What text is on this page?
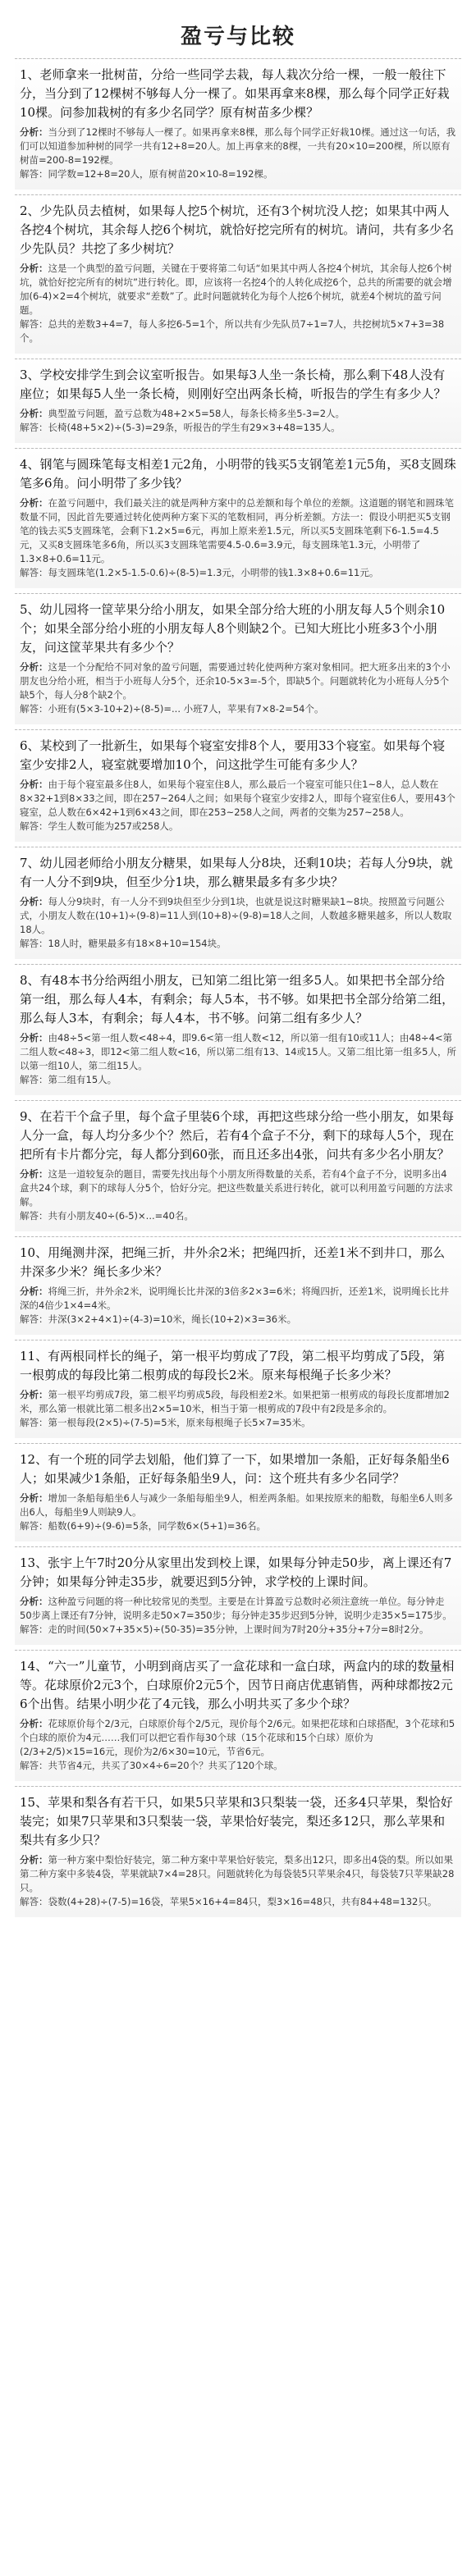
盈亏与比较
1、老师拿来一批树苗，分给一些同学去栽，每人栽次分给一棵，一般一般往下分，当分到了12棵树不够每人分一棵了。如果再拿来8棵，那么每个同学正好栽10棵。问参加栽树的有多少名同学？原有树苗多少棵？
分析：当分到了12棵时不够每人一棵了。如果再拿来8棵，那么每个同学正好栽10棵。通过这一句话，我们可以知道参加种树的同学一共有12+8=20人。加上再拿来的8棵，一共有20×10=200棵，所以原有树苗=200-8=192棵。
解答：同学数=12+8=20人，原有树苗20×10-8=192棵。
2、少先队员去植树，如果每人挖5个树坑，还有3个树坑没人挖；如果其中两人各挖4个树坑，其余每人挖6个树坑，就恰好挖完所有的树坑。请问，共有多少名少先队员？共挖了多少树坑？
分析：这是一个典型的盈亏问题，关键在于要将第二句话“如果其中两人各挖4个树坑，其余每人挖6个树坑，就恰好挖完所有的树坑”进行转化。即，应该将一名挖4个的人转化成挖6个，总共的所需要的就会增加(6-4)×2=4个树坑，就要求“差数”了。此时问题就转化为每个人挖6个树坑，就差4个树坑的盈亏问题。
解答：总共的差数3+4=7，每人多挖6-5=1个，所以共有少先队员7÷1=7人，共挖树坑5×7+3=38个。
3、学校安排学生到会议室听报告。如果每3人坐一条长椅，那么剩下48人没有座位；如果每5人坐一条长椅，则刚好空出两条长椅，听报告的学生有多少人？
分析：典型盈亏问题，盈亏总数为48+2×5=58人，每条长椅多坐5-3=2人。
解答：长椅(48+5×2)÷(5-3)=29条，听报告的学生有29×3+48=135人。
4、钢笔与圆珠笔每支相差1元2角，小明带的钱买5支钢笔差1元5角，买8支圆珠笔多6角。问小明带了多少钱？
分析：在盈亏问题中，我们最关注的就是两种方案中的总差额和每个单位的差额。这道题的钢笔和圆珠笔数量不同，因此首先要通过转化使两种方案下买的笔数相同，再分析差额。方法一：假设小明把买5支钢笔的钱去买5支圆珠笔，会剩下1.2×5=6元，再加上原来差1.5元，所以买5支圆珠笔剩下6-1.5=4.5元，又买8支圆珠笔多6角，所以买3支圆珠笔需要4.5-0.6=3.9元，每支圆珠笔1.3元，小明带了1.3×8+0.6=11元。
解答：每支圆珠笔(1.2×5-1.5-0.6)÷(8-5)=1.3元，小明带的钱1.3×8+0.6=11元。
5、幼儿园将一筐苹果分给小朋友，如果全部分给大班的小朋友每人5个则余10个；如果全部分给小班的小朋友每人8个则缺2个。已知大班比小班多3个小朋友，问这筐苹果共有多少个？
分析：这是一个分配给不同对象的盈亏问题，需要通过转化使两种方案对象相同。把大班多出来的3个小朋友也分给小班，相当于小班每人分5个，还余10-5×3=-5个，即缺5个。问题就转化为小班每人分5个缺5个，每人分8个缺2个。
解答：小班有(5×3-10+2)÷(8-5)=... 小班7人，苹果有7×8-2=54个。
6、某校到了一批新生，如果每个寝室安排8个人，要用33个寝室。如果每个寝室少安排2人，寝室就要增加10个，问这批学生可能有多少人？
分析：由于每个寝室最多住8人，如果每个寝室住8人，那么最后一个寝室可能只住1~8人，总人数在8×32+1到8×33之间，即在257~264人之间；如果每个寝室少安排2人，即每个寝室住6人，要用43个寝室，总人数在6×42+1到6×43之间，即在253~258人之间，两者的交集为257~258人。
解答：学生人数可能为257或258人。
7、幼儿园老师给小朋友分糖果，如果每人分8块，还剩10块；若每人分9块，就有一人分不到9块，但至少分1块，那么糖果最多有多少块？
分析：每人分9块时，有一人分不到9块但至少分到1块，也就是说这时糖果缺1~8块。按照盈亏问题公式，小朋友人数在(10+1)÷(9-8)=11人到(10+8)÷(9-8)=18人之间，人数越多糖果越多，所以人数取18人。
解答：18人时，糖果最多有18×8+10=154块。
8、有48本书分给两组小朋友，已知第二组比第一组多5人。如果把书全部分给第一组，那么每人4本，有剩余；每人5本，书不够。如果把书全部分给第二组，那么每人3本，有剩余；每人4本，书不够。问第二组有多少人？
分析：由48÷5<第一组人数<48÷4，即9.6<第一组人数<12，所以第一组有10或11人；由48÷4<第二组人数<48÷3，即12<第二组人数<16，所以第二组有13、14或15人。又第二组比第一组多5人，所以第一组10人，第二组15人。
解答：第二组有15人。
9、在若干个盒子里，每个盒子里装6个球，再把这些球分给一些小朋友，如果每人分一盒，每人均分多少个？然后，若有4个盒子不分，剩下的球每人5个，现在把所有卡片都分完，每人都分到60张，而且还多出4张，问共有多少名小朋友？
分析：这是一道较复杂的题目，需要先找出每个小朋友所得数量的关系，若有4个盒子不分，说明多出4盒共24个球，剩下的球每人分5个，恰好分完。把这些数量关系进行转化，就可以利用盈亏问题的方法求解。
解答：共有小朋友40÷(6-5)×...=40名。
10、用绳测井深，把绳三折，井外余2米；把绳四折，还差1米不到井口，那么井深多少米？绳长多少米？
分析：将绳三折，井外余2米，说明绳长比井深的3倍多2×3=6米；将绳四折，还差1米，说明绳长比井深的4倍少1×4=4米。
解答：井深(3×2+4×1)÷(4-3)=10米，绳长(10+2)×3=36米。
11、有两根同样长的绳子，第一根平均剪成了7段，第二根平均剪成了5段，第一根剪成的每段比第二根剪成的每段长2米。原来每根绳子长多少米？
分析：第一根平均剪成7段，第二根平均剪成5段，每段相差2米。如果把第一根剪成的每段长度都增加2米，那么第一根就比第二根多出2×5=10米，相当于第一根剪成的7段中有2段是多余的。
解答：第一根每段(2×5)÷(7-5)=5米，原来每根绳子长5×7=35米。
12、有一个班的同学去划船，他们算了一下，如果增加一条船，正好每条船坐6人；如果减少1条船，正好每条船坐9人，问：这个班共有多少名同学？
分析：增加一条船每船坐6人与减少一条船每船坐9人，相差两条船。如果按原来的船数，每船坐6人则多出6人，每船坐9人则缺9人。
解答：船数(6+9)÷(9-6)=5条，同学数6×(5+1)=36名。
13、张宇上午7时20分从家里出发到校上课，如果每分钟走50步，离上课还有7分钟；如果每分钟走35步，就要迟到5分钟，求学校的上课时间。
分析：这种盈亏问题的将一种比较常见的类型。主要是在计算盈亏总数时必须注意统一单位。每分钟走50步离上课还有7分钟，说明多走50×7=350步；每分钟走35步迟到5分钟，说明少走35×5=175步。
解答：走的时间(50×7+35×5)÷(50-35)=35分钟，上课时间为7时20分+35分+7分=8时2分。
14、“六一”儿童节，小明到商店买了一盒花球和一盒白球，两盒内的球的数量相等。花球原价2元3个，白球原价2元5个，因节日商店优惠销售，两种球都按2元6个出售。结果小明少花了4元钱，那么小明共买了多少个球？
分析：花球原价每个2/3元，白球原价每个2/5元，现价每个2/6元。如果把花球和白球搭配，3个花球和5个白球的原价为4元……我们可以把它看作每30个球（15个花球和15个白球）原价为(2/3+2/5)×15=16元，现价为2/6×30=10元，节省6元。
解答：共节省4元，共买了30×4÷6=20个？共买了120个球。
15、苹果和梨各有若干只，如果5只苹果和3只梨装一袋，还多4只苹果，梨恰好装完；如果7只苹果和3只梨装一袋，苹果恰好装完，梨还多12只，那么苹果和梨共有多少只？
分析：第一种方案中梨恰好装完，第二种方案中苹果恰好装完，梨多出12只，即多出4袋的梨。所以如果第二种方案中多装4袋，苹果就缺7×4=28只。问题就转化为每袋装5只苹果余4只，每袋装7只苹果缺28只。
解答：袋数(4+28)÷(7-5)=16袋，苹果5×16+4=84只，梨3×16=48只，共有84+48=132只。
